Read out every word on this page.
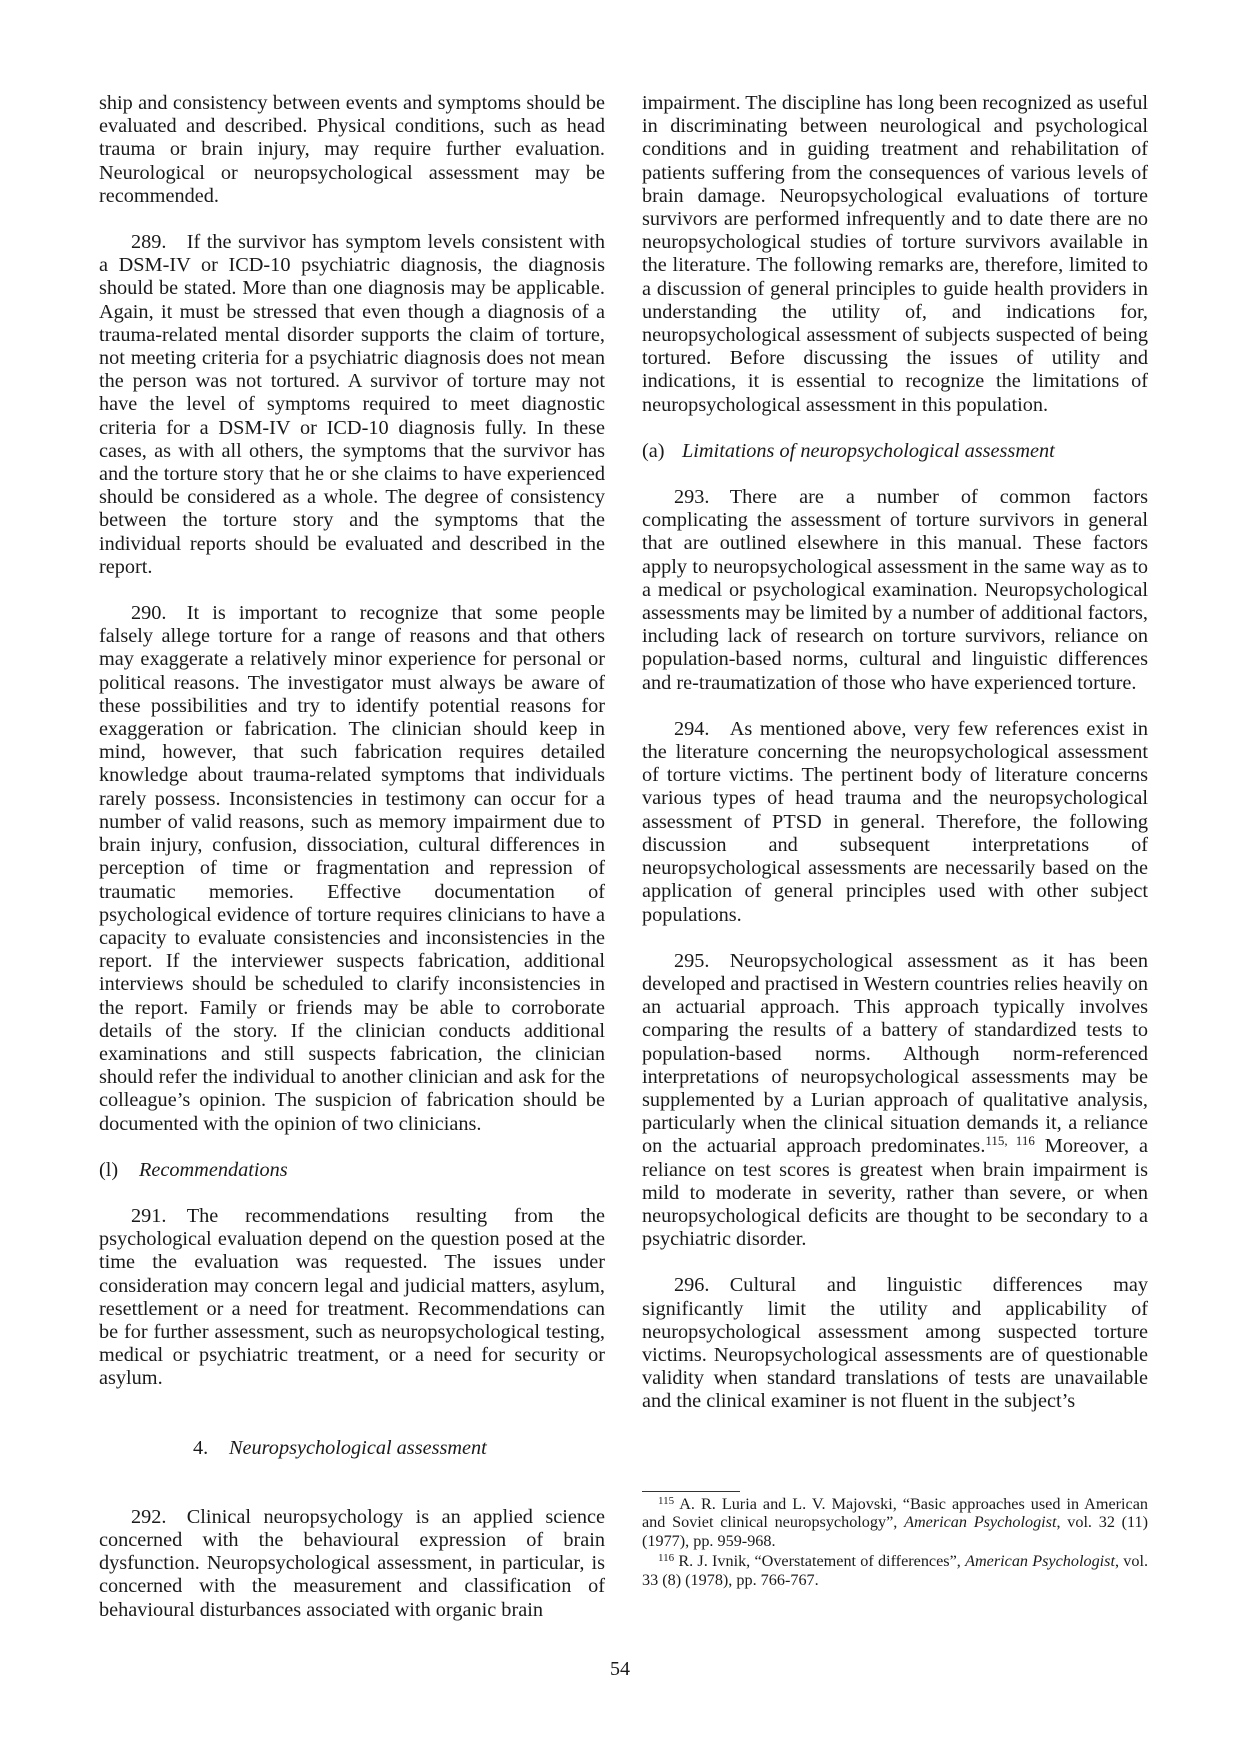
ship and consistency between events and symptoms should be evaluated and described. Physical conditions, such as head trauma or brain injury, may require further evaluation. Neurological or neuropsychological assessment may be recommended.

289. If the survivor has symptom levels consistent with a DSM-IV or ICD-10 psychiatric diagnosis, the diagnosis should be stated. More than one diagnosis may be applicable. Again, it must be stressed that even though a diagnosis of a trauma-related mental disorder supports the claim of torture, not meeting criteria for a psychiatric diagnosis does not mean the person was not tortured. A survivor of torture may not have the level of symptoms required to meet diagnostic criteria for a DSM-IV or ICD-10 diagnosis fully. In these cases, as with all others, the symptoms that the survivor has and the torture story that he or she claims to have experienced should be considered as a whole. The degree of consistency between the torture story and the symptoms that the individual reports should be evaluated and described in the report.

290. It is important to recognize that some people falsely allege torture for a range of reasons and that others may exaggerate a relatively minor experience for personal or political reasons. The investigator must always be aware of these possibilities and try to identify potential reasons for exaggeration or fabrication. The clinician should keep in mind, however, that such fabrication requires detailed knowledge about trauma-related symptoms that individuals rarely possess. Inconsistencies in testimony can occur for a number of valid reasons, such as memory impairment due to brain injury, confusion, dissociation, cultural differences in perception of time or fragmentation and repression of traumatic memories. Effective documentation of psychological evidence of torture requires clinicians to have a capacity to evaluate consistencies and inconsistencies in the report. If the interviewer suspects fabrication, additional interviews should be scheduled to clarify inconsistencies in the report. Family or friends may be able to corroborate details of the story. If the clinician conducts additional examinations and still suspects fabrication, the clinician should refer the individual to another clinician and ask for the colleague’s opinion. The suspicion of fabrication should be documented with the opinion of two clinicians.

(l) Recommendations

291. The recommendations resulting from the psychological evaluation depend on the question posed at the time the evaluation was requested. The issues under consideration may concern legal and judicial matters, asylum, resettlement or a need for treatment. Recommendations can be for further assessment, such as neuropsychological testing, medical or psychiatric treatment, or a need for security or asylum.

4. Neuropsychological assessment

292. Clinical neuropsychology is an applied science concerned with the behavioural expression of brain dysfunction. Neuropsychological assessment, in particular, is concerned with the measurement and classification of behavioural disturbances associated with organic brain

impairment. The discipline has long been recognized as useful in discriminating between neurological and psychological conditions and in guiding treatment and rehabilitation of patients suffering from the consequences of various levels of brain damage. Neuropsychological evaluations of torture survivors are performed infrequently and to date there are no neuropsychological studies of torture survivors available in the literature. The following remarks are, therefore, limited to a discussion of general principles to guide health providers in understanding the utility of, and indications for, neuropsychological assessment of subjects suspected of being tortured. Before discussing the issues of utility and indications, it is essential to recognize the limitations of neuropsychological assessment in this population.

(a) Limitations of neuropsychological assessment

293. There are a number of common factors complicating the assessment of torture survivors in general that are outlined elsewhere in this manual. These factors apply to neuropsychological assessment in the same way as to a medical or psychological examination. Neuropsychological assessments may be limited by a number of additional factors, including lack of research on torture survivors, reliance on population-based norms, cultural and linguistic differences and re-traumatization of those who have experienced torture.

294. As mentioned above, very few references exist in the literature concerning the neuropsychological assessment of torture victims. The pertinent body of literature concerns various types of head trauma and the neuropsychological assessment of PTSD in general. Therefore, the following discussion and subsequent interpretations of neuropsychological assessments are necessarily based on the application of general principles used with other subject populations.

295. Neuropsychological assessment as it has been developed and practised in Western countries relies heavily on an actuarial approach. This approach typically involves comparing the results of a battery of standardized tests to population-based norms. Although norm-referenced interpretations of neuropsychological assessments may be supplemented by a Lurian approach of qualitative analysis, particularly when the clinical situation demands it, a reliance on the actuarial approach predominates.$^{115, 116}$ Moreover, a reliance on test scores is greatest when brain impairment is mild to moderate in severity, rather than severe, or when neuropsychological deficits are thought to be secondary to a psychiatric disorder.

296. Cultural and linguistic differences may significantly limit the utility and applicability of neuropsychological assessment among suspected torture victims. Neuropsychological assessments are of questionable validity when standard translations of tests are unavailable and the clinical examiner is not fluent in the subject’s

$^{115}$ A. R. Luria and L. V. Majovski, “Basic approaches used in American and Soviet clinical neuropsychology”, American Psychologist, vol. 32 (11) (1977), pp. 959-968.

$^{116}$ R. J. Ivnik, “Overstatement of differences”, American Psychologist, vol. 33 (8) (1978), pp. 766-767.

54
